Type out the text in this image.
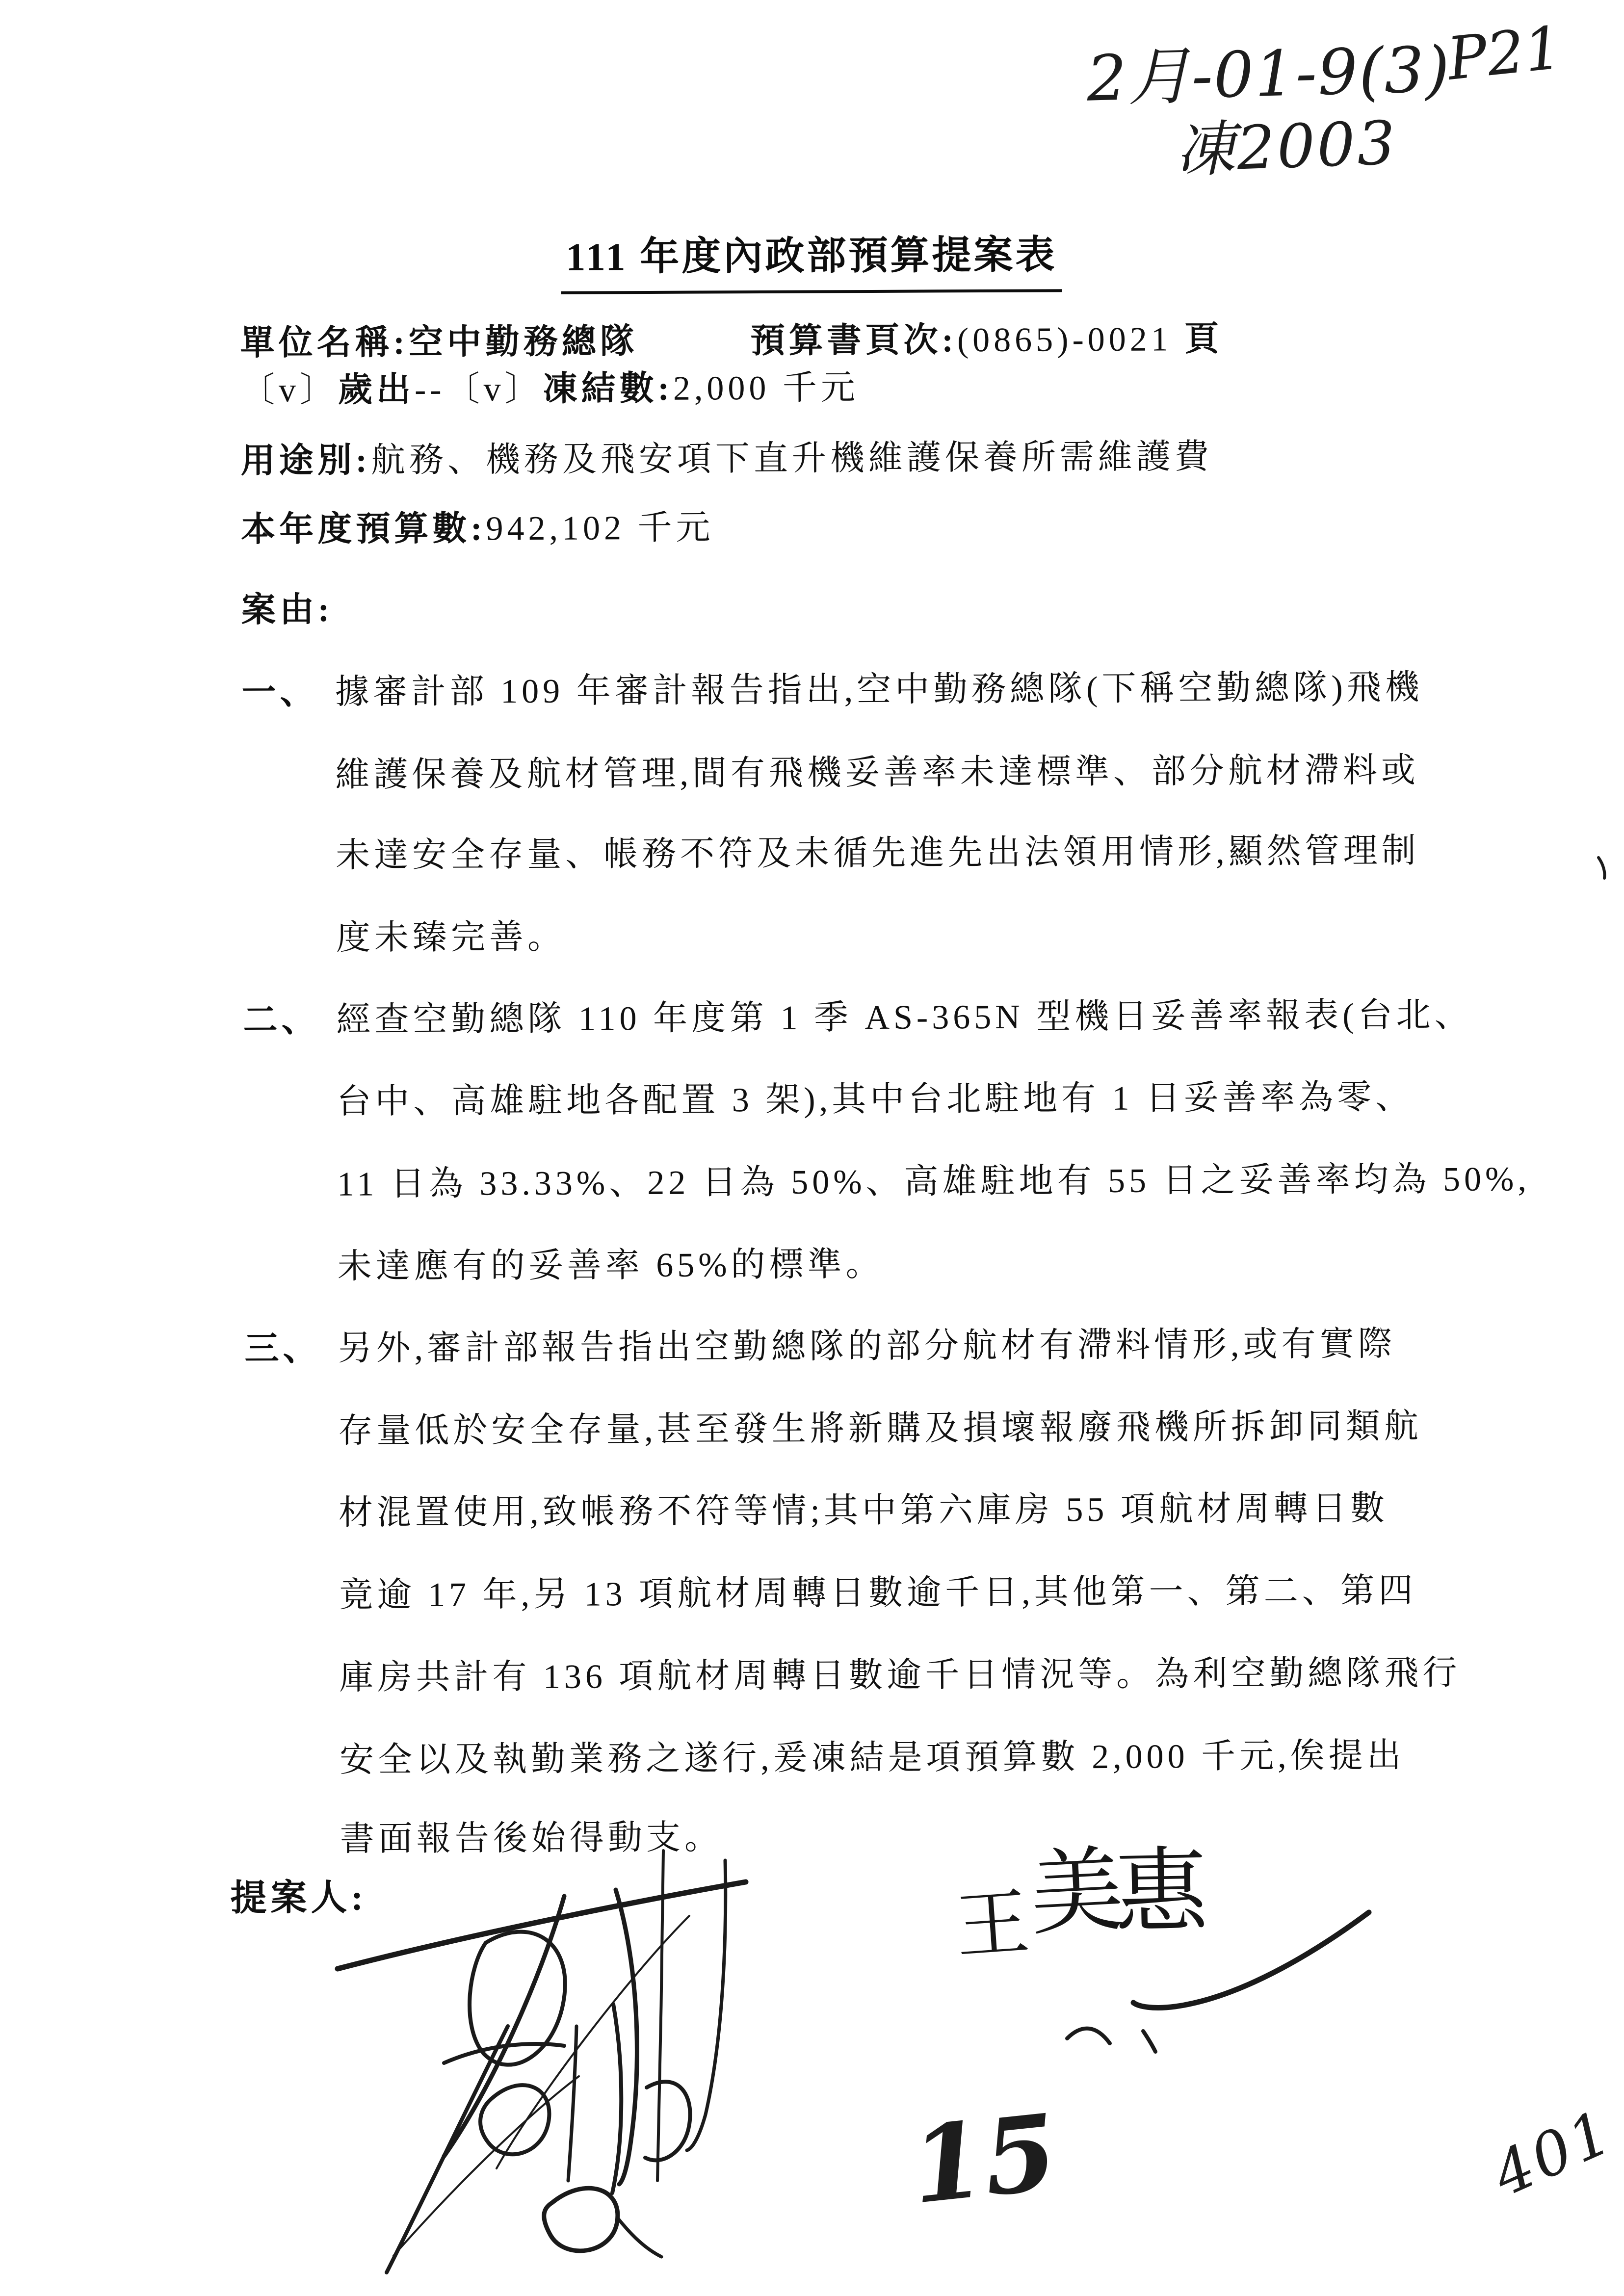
2月-01-9(3)
P21
凍2003
111 年度內政部預算提案表
單位名稱:空中勤務總隊	預算書頁次:(0865)-0021 頁
〔v〕歲出--〔v〕凍結數:2,000 千元
用途別:航務、機務及飛安項下直升機維護保養所需維護費
本年度預算數:942,102 千元
案由:
一、 據審計部 109 年審計報告指出,空中勤務總隊(下稱空勤總隊)飛機
維護保養及航材管理,間有飛機妥善率未達標準、部分航材滯料或
未達安全存量、帳務不符及未循先進先出法領用情形,顯然管理制
度未臻完善。
二、 經查空勤總隊 110 年度第 1 季 AS-365N 型機日妥善率報表(台北、
台中、高雄駐地各配置 3 架),其中台北駐地有 1 日妥善率為零、
11 日為 33.33%、22 日為 50%、高雄駐地有 55 日之妥善率均為 50%,
未達應有的妥善率 65%的標準。
三、 另外,審計部報告指出空勤總隊的部分航材有滯料情形,或有實際
存量低於安全存量,甚至發生將新購及損壞報廢飛機所拆卸同類航
材混置使用,致帳務不符等情;其中第六庫房 55 項航材周轉日數
竟逾 17 年,另 13 項航材周轉日數逾千日,其他第一、第二、第四
庫房共計有 136 項航材周轉日數逾千日情況等。為利空勤總隊飛行
安全以及執勤業務之遂行,爰凍結是項預算數 2,000 千元,俟提出
書面報告後始得動支。
提案人:	王
美
惠
15	401
